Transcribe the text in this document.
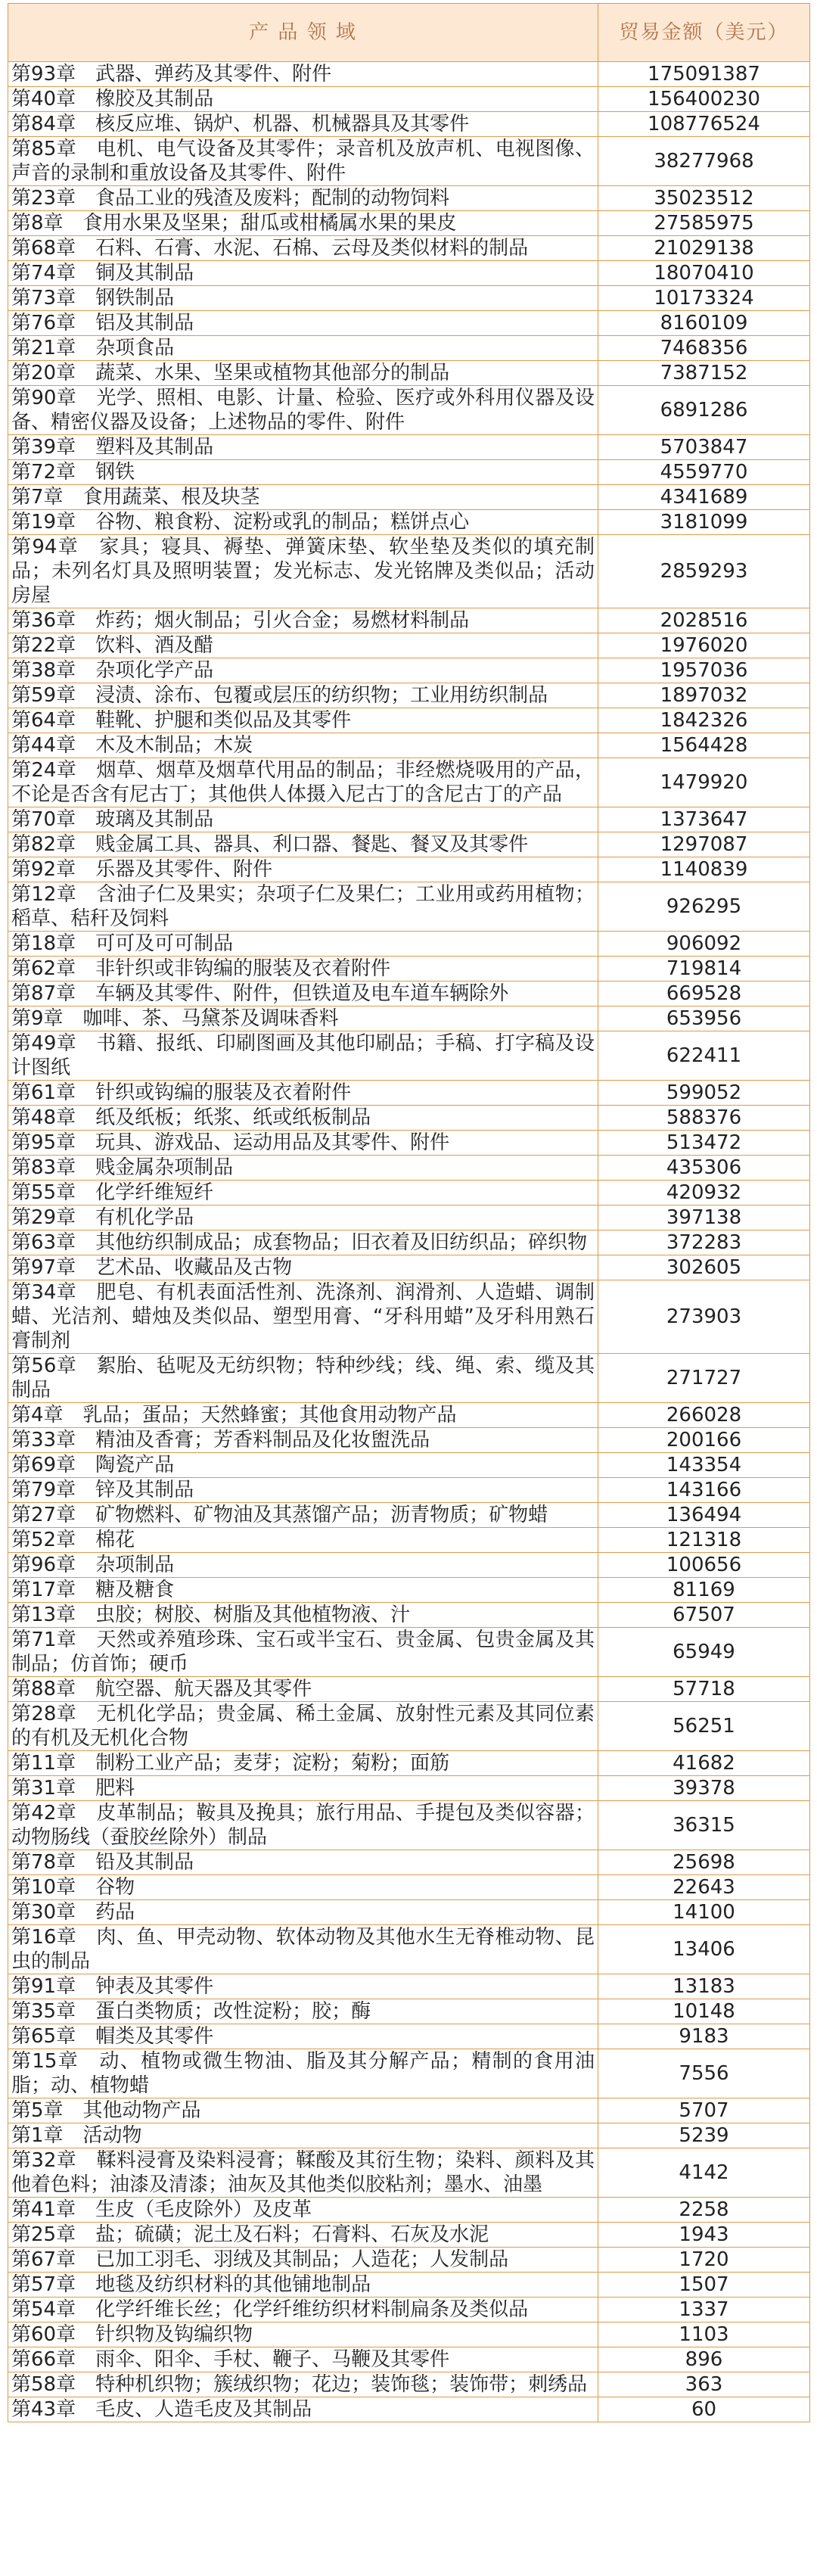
产 品 领 域	贸易金额（美元）
第93章　武器、弹药及其零件、附件	175091387
第40章　橡胶及其制品	156400230
第84章　核反应堆、锅炉、机器、机械器具及其零件	108776524
第85章　电机、电气设备及其零件；录音机及放声机、电视图像、声音的录制和重放设备及其零件、附件	38277968
第23章　食品工业的残渣及废料；配制的动物饲料	35023512
第8章　食用水果及坚果；甜瓜或柑橘属水果的果皮	27585975
第68章　石料、石膏、水泥、石棉、云母及类似材料的制品	21029138
第74章　铜及其制品	18070410
第73章　钢铁制品	10173324
第76章　铝及其制品	8160109
第21章　杂项食品	7468356
第20章　蔬菜、水果、坚果或植物其他部分的制品	7387152
第90章　光学、照相、电影、计量、检验、医疗或外科用仪器及设备、精密仪器及设备；上述物品的零件、附件	6891286
第39章　塑料及其制品	5703847
第72章　钢铁	4559770
第7章　食用蔬菜、根及块茎	4341689
第19章　谷物、粮食粉、淀粉或乳的制品；糕饼点心	3181099
第94章　家具；寝具、褥垫、弹簧床垫、软坐垫及类似的填充制品；未列名灯具及照明装置；发光标志、发光铭牌及类似品；活动房屋	2859293
第36章　炸药；烟火制品；引火合金；易燃材料制品	2028516
第22章　饮料、酒及醋	1976020
第38章　杂项化学产品	1957036
第59章　浸渍、涂布、包覆或层压的纺织物；工业用纺织制品	1897032
第64章　鞋靴、护腿和类似品及其零件	1842326
第44章　木及木制品；木炭	1564428
第24章　烟草、烟草及烟草代用品的制品；非经燃烧吸用的产品，不论是否含有尼古丁；其他供人体摄入尼古丁的含尼古丁的产品	1479920
第70章　玻璃及其制品	1373647
第82章　贱金属工具、器具、利口器、餐匙、餐叉及其零件	1297087
第92章　乐器及其零件、附件	1140839
第12章　含油子仁及果实；杂项子仁及果仁；工业用或药用植物；稻草、秸秆及饲料	926295
第18章　可可及可可制品	906092
第62章　非针织或非钩编的服装及衣着附件	719814
第87章　车辆及其零件、附件，但铁道及电车道车辆除外	669528
第9章　咖啡、茶、马黛茶及调味香料	653956
第49章　书籍、报纸、印刷图画及其他印刷品；手稿、打字稿及设计图纸	622411
第61章　针织或钩编的服装及衣着附件	599052
第48章　纸及纸板；纸浆、纸或纸板制品	588376
第95章　玩具、游戏品、运动用品及其零件、附件	513472
第83章　贱金属杂项制品	435306
第55章　化学纤维短纤	420932
第29章　有机化学品	397138
第63章　其他纺织制成品；成套物品；旧衣着及旧纺织品；碎织物	372283
第97章　艺术品、收藏品及古物	302605
第34章　肥皂、有机表面活性剂、洗涤剂、润滑剂、人造蜡、调制蜡、光洁剂、蜡烛及类似品、塑型用膏、“牙科用蜡”及牙科用熟石膏制剂	273903
第56章　絮胎、毡呢及无纺织物；特种纱线；线、绳、索、缆及其制品	271727
第4章　乳品；蛋品；天然蜂蜜；其他食用动物产品	266028
第33章　精油及香膏；芳香料制品及化妆盥洗品	200166
第69章　陶瓷产品	143354
第79章　锌及其制品	143166
第27章　矿物燃料、矿物油及其蒸馏产品；沥青物质；矿物蜡	136494
第52章　棉花	121318
第96章　杂项制品	100656
第17章　糖及糖食	81169
第13章　虫胶；树胶、树脂及其他植物液、汁	67507
第71章　天然或养殖珍珠、宝石或半宝石、贵金属、包贵金属及其制品；仿首饰；硬币	65949
第88章　航空器、航天器及其零件	57718
第28章　无机化学品；贵金属、稀土金属、放射性元素及其同位素的有机及无机化合物	56251
第11章　制粉工业产品；麦芽；淀粉；菊粉；面筋	41682
第31章　肥料	39378
第42章　皮革制品；鞍具及挽具；旅行用品、手提包及类似容器；动物肠线（蚕胶丝除外）制品	36315
第78章　铅及其制品	25698
第10章　谷物	22643
第30章　药品	14100
第16章　肉、鱼、甲壳动物、软体动物及其他水生无脊椎动物、昆虫的制品	13406
第91章　钟表及其零件	13183
第35章　蛋白类物质；改性淀粉；胶；酶	10148
第65章　帽类及其零件	9183
第15章　动、植物或微生物油、脂及其分解产品；精制的食用油脂；动、植物蜡	7556
第5章　其他动物产品	5707
第1章　活动物	5239
第32章　鞣料浸膏及染料浸膏；鞣酸及其衍生物；染料、颜料及其他着色料；油漆及清漆；油灰及其他类似胶粘剂；墨水、油墨	4142
第41章　生皮（毛皮除外）及皮革	2258
第25章　盐；硫磺；泥土及石料；石膏料、石灰及水泥	1943
第67章　已加工羽毛、羽绒及其制品；人造花；人发制品	1720
第57章　地毯及纺织材料的其他铺地制品	1507
第54章　化学纤维长丝；化学纤维纺织材料制扁条及类似品	1337
第60章　针织物及钩编织物	1103
第66章　雨伞、阳伞、手杖、鞭子、马鞭及其零件	896
第58章　特种机织物；簇绒织物；花边；装饰毯；装饰带；刺绣品	363
第43章　毛皮、人造毛皮及其制品	60
